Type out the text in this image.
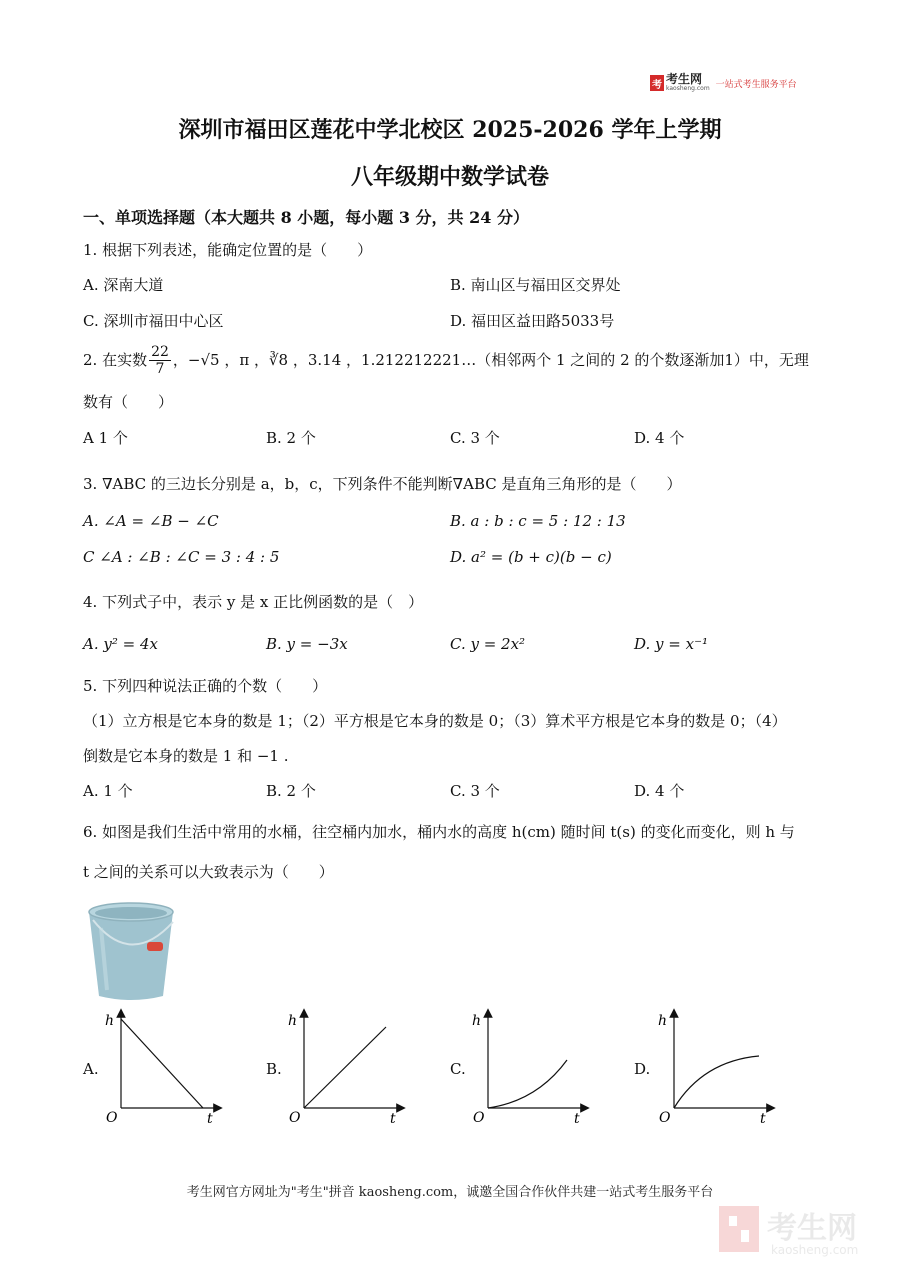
考 考生网
kaosheng.com 一站式考生服务平台
深圳市福田区莲花中学北校区 2025-2026 学年上学期
八年级期中数学试卷
一、单项选择题（本大题共 8 小题，每小题 3 分，共 24 分）
1. 根据下列表述，能确定位置的是（　　）
A. 深南大道	B. 南山区与福田区交界处
C. 深圳市福田中心区	D. 福田区益田路5033号
2. 在实数 $\frac{22}{7}$ ，−√5 ，π ，∛8 ，3.14 ，1.212212221…（相邻两个 1 之间的 2 的个数逐渐加1）中，无理
数有（　　）
A 1 个	B. 2 个	C. 3 个	D. 4 个
3. ∇ABC 的三边长分别是 a，b，c，下列条件不能判断∇ABC 是直角三角形的是（　　）
A. ∠A = ∠B − ∠C	B. a : b : c = 5 : 12 : 13
C ∠A : ∠B : ∠C = 3 : 4 : 5	D. a² = (b + c)(b − c)
4. 下列式子中，表示 y 是 x 正比例函数的是（　）
A. y² = 4x	B. y = −3x	C. y = 2x²	D. y = x⁻¹
5. 下列四种说法正确的个数（　　）
（1）立方根是它本身的数是 1；（2）平方根是它本身的数是 0；（3）算术平方根是它本身的数是 0；（4）
倒数是它本身的数是 1 和 −1 .
A. 1 个	B. 2 个	C. 3 个	D. 4 个
6. 如图是我们生活中常用的水桶，往空桶内加水，桶内水的高度 h(cm) 随时间 t(s) 的变化而变化，则 h 与
t 之间的关系可以大致表示为（　　）
A.	B.	C.	D.
h
O	t
h
O	t
h
O	t
h
O	t
考生网官方网址为"考生"拼音 kaosheng.com，诚邀全国合作伙伴共建一站式考生服务平台
考生网
kaosheng.com
